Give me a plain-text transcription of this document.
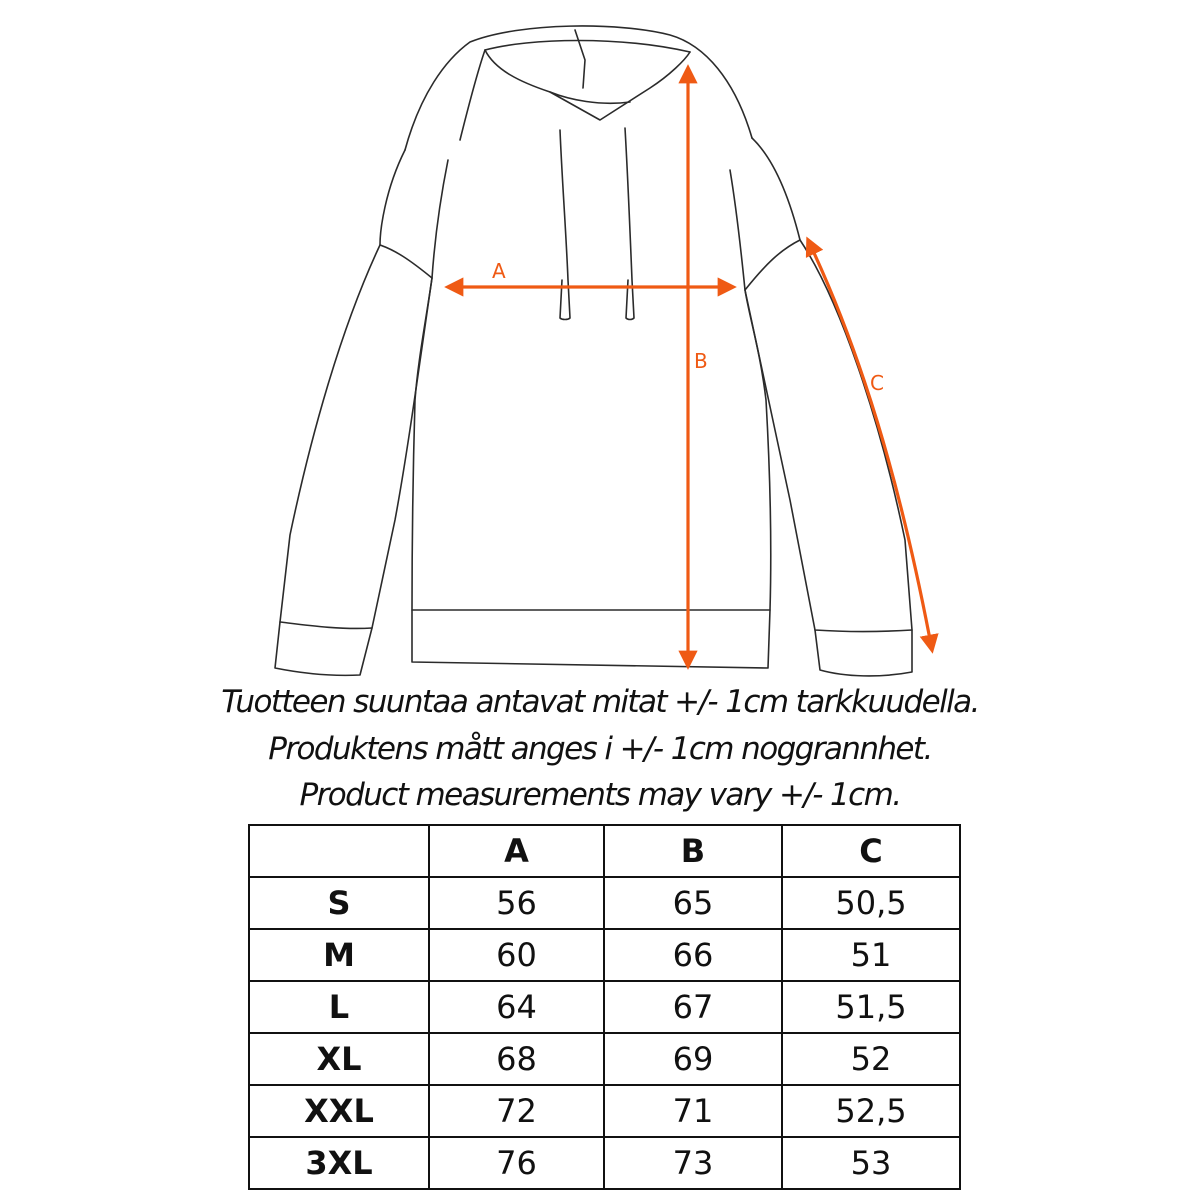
A
B
C
Tuotteen suuntaa antavat mitat +/- 1cm tarkkuudella.
Produktens mått anges i +/- 1cm noggrannhet.
Product measurements may vary +/- 1cm.
	A	B	C
S	56	65	50,5
M	60	66	51
L	64	67	51,5
XL	68	69	52
XXL	72	71	52,5
3XL	76	73	53
